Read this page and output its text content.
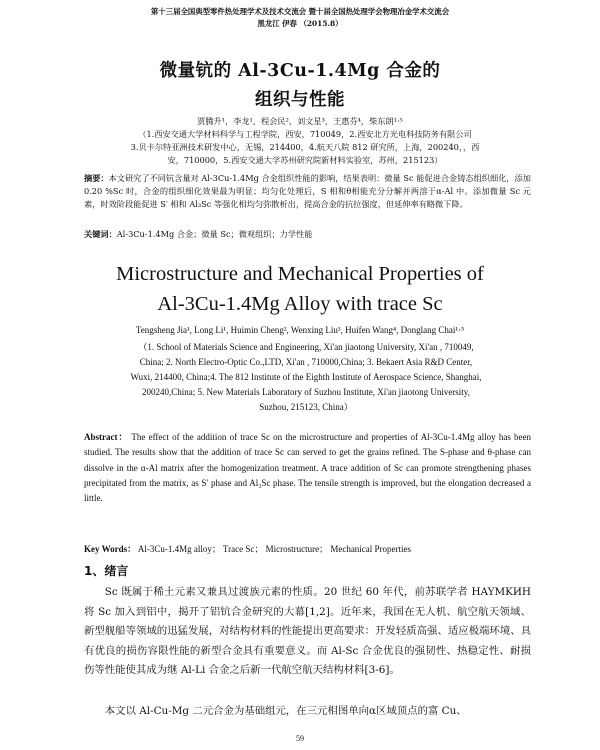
第十三届全国典型零件热处理学术及技术交流会 暨十届全国热处理学会物理冶金学术交流会
黑龙江 伊春 （2015.8）
微量钪的 Al-3Cu-1.4Mg 合金的
组织与性能
贾腾升¹，李龙¹，程会民²，刘文星³，王惠芬⁴，柴东朗¹·⁵
（1.西安交通大学材料科学与工程学院，西安，710049，2.西安北方光电科技防务有限公司
3.贝卡尔特亚洲技术研发中心，无锡，214400，4.航天八院 812 研究所，上海，200240，，西
安，710000，5.西安交通大学苏州研究院新材料实验室，苏州，215123）
摘要：本文研究了不同钪含量对 Al-3Cu-1.4Mg 合金组织性能的影响，结果表明：微量 Sc 能促进合金铸态组织细化，添加 0.20 %Sc 时，合金的组织细化效果最为明显；均匀化处理后，S 相和θ相能充分分解并两溶于α-Al 中。添加微量 Sc 元素，时效阶段能促进 S′ 相和 Al₃Sc 等强化相均匀弥散析出，提高合金的抗拉强度，但延伸率有略微下降。
关键词：Al-3Cu-1.4Mg 合金；微量 Sc；微观组织；力学性能
Microstructure and Mechanical Properties of
Al-3Cu-1.4Mg Alloy with trace Sc
Tengsheng Jia¹, Long Li¹, Huimin Cheng², Wenxing Liu³, Huifen Wang⁴, Donglang Chai¹·⁵
（1. School of Materials Science and Engineering, Xi'an jiaotong University, Xi'an , 710049,
China; 2. North Electro-Optic Co.,LTD, Xi'an , 710000,China; 3. Bekaert Asia R&D Center,
Wuxi, 214400, China;4. The 812 Institute of the Eighth Institute of Aerospace Science, Shanghai,
200240,China; 5. New Materials Laboratory of Suzhou Institute, Xi'an jiaotong University,
Suzhou, 215123, China）
Abstract： The effect of the addition of trace Sc on the microstructure and properties of Al-3Cu-1.4Mg alloy has been studied. The results show that the addition of trace Sc can served to get the grains refined. The S-phase and θ-phase can dissolve in the α-Al matrix after the homogenization treatment. A trace addition of Sc can promote strengthening phases precipitated from the matrix, as S′ phase and Al₃Sc phase. The tensile strength is improved, but the elongation decreased a little.
Key Words： Al-3Cu-1.4Mg alloy； Trace Sc； Microstructure； Mechanical Properties
1、绪言
Sc 既属于稀土元素又兼具过渡族元素的性质。20 世纪 60 年代，前苏联学者 HAYMKИH 将 Sc 加入到铝中，揭开了铝钪合金研究的大幕[1,2]。近年来，我国在无人机、航空航天领域、新型舰船等领域的迅猛发展，对结构材料的性能提出更高要求：开发轻质高强、适应极端环境、具有优良的损伤容限性能的新型合金具有重要意义。而 Al-Sc 合金优良的强韧性、热稳定性、耐损伤等性能使其成为继 Al-Li 合金之后新一代航空航天结构材料[3-6]。
本文以 Al-Cu-Mg 二元合金为基础组元，在三元相图单向α区域顶点的富 Cu、
59
